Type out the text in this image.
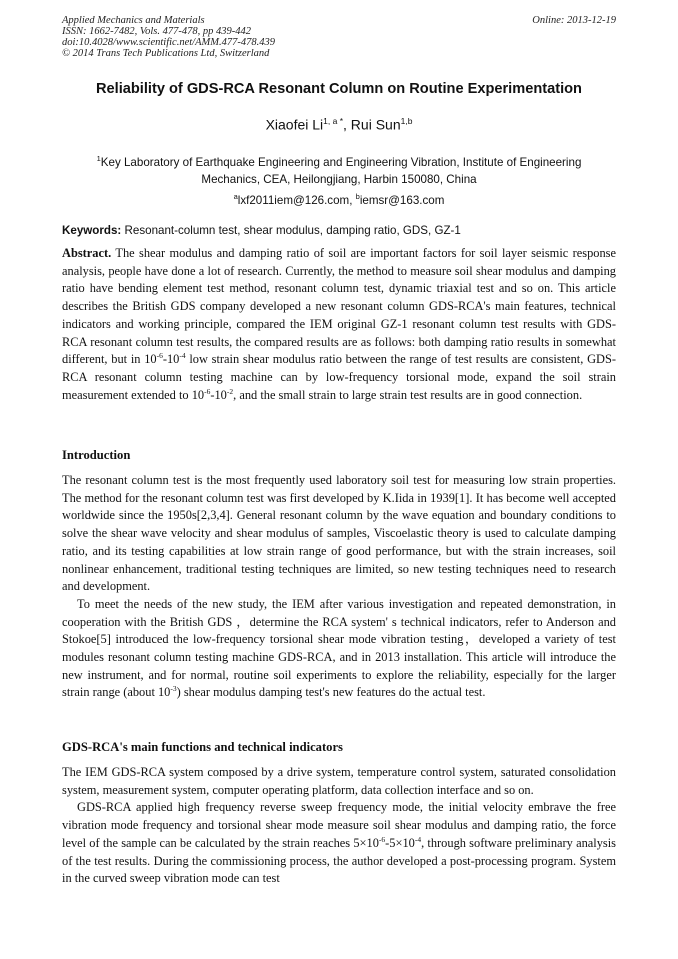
Applied Mechanics and Materials	Online: 2013-12-19
ISSN: 1662-7482, Vols. 477-478, pp 439-442
doi:10.4028/www.scientific.net/AMM.477-478.439
© 2014 Trans Tech Publications Ltd, Switzerland
Reliability of GDS-RCA Resonant Column on Routine Experimentation
Xiaofei $Li^{1, a *}$, Rui Sun$^{1,b}$
$^1$Key Laboratory of Earthquake Engineering and Engineering Vibration, Institute of Engineering
Mechanics, CEA, Heilongjiang, Harbin 150080, China
$^a$lxf2011iem@126.com, $^b$iemsr@163.com
Keywords: Resonant-column test, shear modulus, damping ratio, GDS, GZ-1

Abstract. The shear modulus and damping ratio of soil are important factors for soil layer seismic response analysis, people have done a lot of research. Currently, the method to measure soil shear modulus and damping ratio have bending element test method, resonant column test, dynamic triaxial test and so on. This article describes the British GDS company developed a new resonant column GDS-RCA's main features, technical indicators and working principle, compared the IEM original GZ-1 resonant column test results with GDS-RCA resonant column test results, the compared results are as follows: both damping ratio results in somewhat different, but in $10^{-6}-10^{-4}$ low strain shear modulus ratio between the range of test results are consistent, GDS-RCA resonant column testing machine can by low-frequency torsional mode, expand the soil strain measurement extended to $10^{-6}-10^{-2}$, and the small strain to large strain test results are in good connection.

Introduction

The resonant column test is the most frequently used laboratory soil test for measuring low strain properties. The method for the resonant column test was first developed by K.Iida in 1939[1]. It has become well accepted worldwide since the 1950s[2,3,4]. General resonant column by the wave equation and boundary conditions to solve the shear wave velocity and shear modulus of samples, Viscoelastic theory is used to calculate damping ratio, and its testing capabilities at low strain range of good performance, but with the strain increases, soil nonlinear enhancement, traditional testing techniques are limited, so new testing techniques need to research and development.

To meet the needs of the new study, the IEM after various investigation and repeated demonstration, in cooperation with the British GDS ，determine the RCA system' s technical indicators, refer to Anderson and Stokoe[5] introduced the low-frequency torsional shear mode vibration testing，developed a variety of test modules resonant column testing machine GDS-RCA, and in 2013 installation. This article will introduce the new instrument, and for normal, routine soil experiments to explore the reliability, especially for the larger strain range (about $10^{-3}$) shear modulus damping test's new features do the actual test.

GDS-RCA's main functions and technical indicators

The IEM GDS-RCA system composed by a drive system, temperature control system, saturated consolidation system, measurement system, computer operating platform, data collection interface and so on.

GDS-RCA applied high frequency reverse sweep frequency mode, the initial velocity embrave the free vibration mode frequency and torsional shear mode measure soil shear modulus and damping ratio, the force level of the sample can be calculated by the strain reaches $5\times 10^{-6}-5\times 10^{-4}$, through software preliminary analysis of the test results. During the commissioning process, the author developed a post-processing program. System in the curved sweep vibration mode can test
